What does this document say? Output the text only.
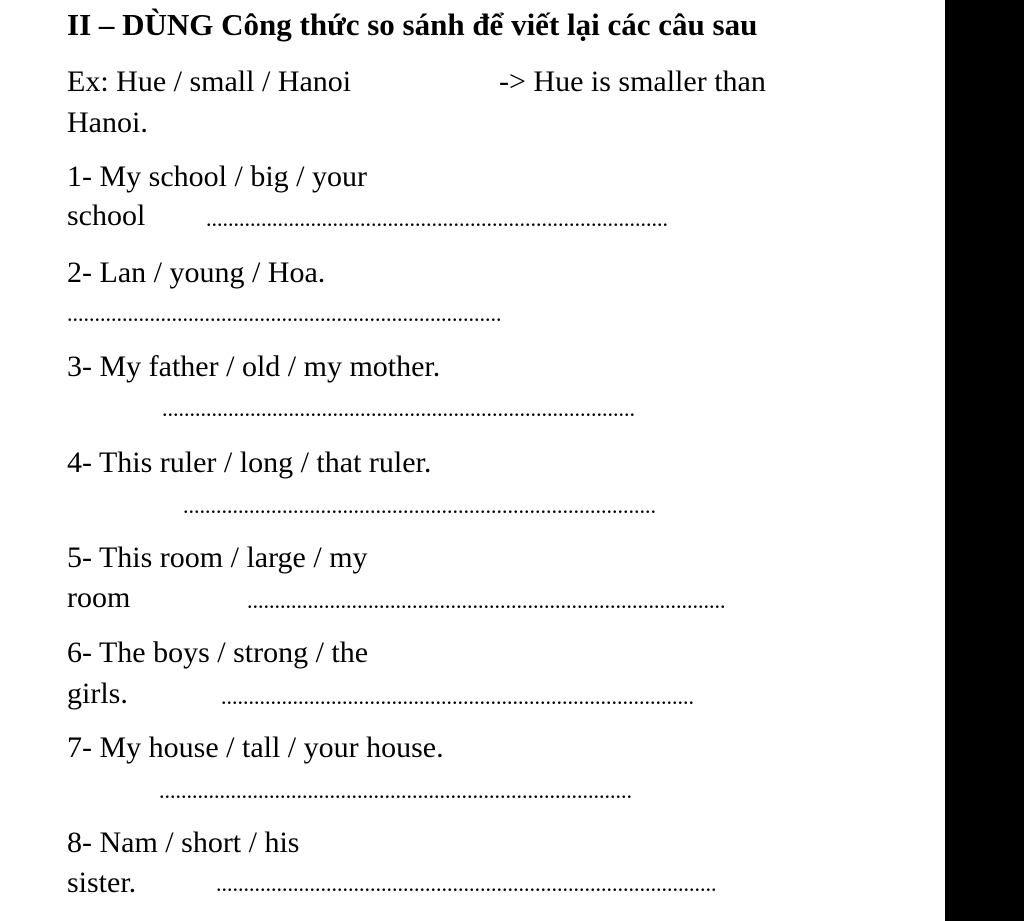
II – DÙNG Công thức so sánh để viết lại các câu sau
Ex: Hue / small / Hanoi	-> Hue is smaller than
Hanoi.
1- My school / big / your
school	....................................................................................
2- Lan / young / Hoa.
...............................................................................
3- My father / old / my mother.
......................................................................................
4- This ruler / long / that ruler.
......................................................................................
5- This room / large / my
room	.......................................................................................
6- The boys / strong / the
girls.	......................................................................................
7- My house / tall / your house.
......................................................................................
8- Nam / short / his
sister.	...........................................................................................
